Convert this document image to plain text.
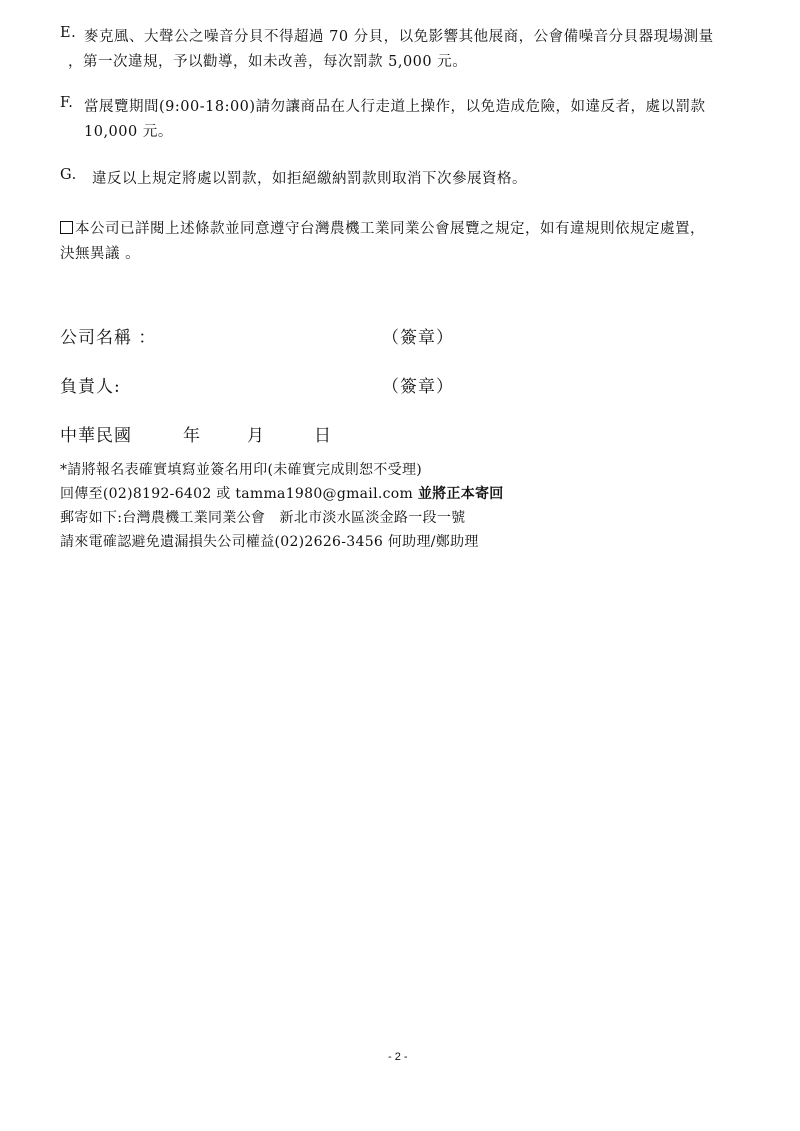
E. 麥克風、大聲公之噪音分貝不得超過 70 分貝，以免影響其他展商，公會備噪音分貝器現場測量
，第一次違規，予以勸導，如未改善，每次罰款 5,000 元。
F. 當展覽期間(9:00-18:00)請勿讓商品在人行走道上操作，以免造成危險，如違反者，處以罰款
10,000 元。
G. 違反以上規定將處以罰款，如拒絕繳納罰款則取消下次參展資格。
本公司已詳閱上述條款並同意遵守台灣農機工業同業公會展覽之規定，如有違規則依規定處置，
決無異議 。
公司名稱 ：	（簽章）
負責人:	（簽章）
中華民國	年	月	日
*請將報名表確實填寫並簽名用印(未確實完成則恕不受理)
回傳至(02)8192-6402 或 tamma1980@gmail.com 並將正本寄回
郵寄如下:台灣農機工業同業公會　新北市淡水區淡金路一段一號
請來電確認避免遺漏損失公司權益(02)2626-3456 何助理/鄭助理
- 2 -
